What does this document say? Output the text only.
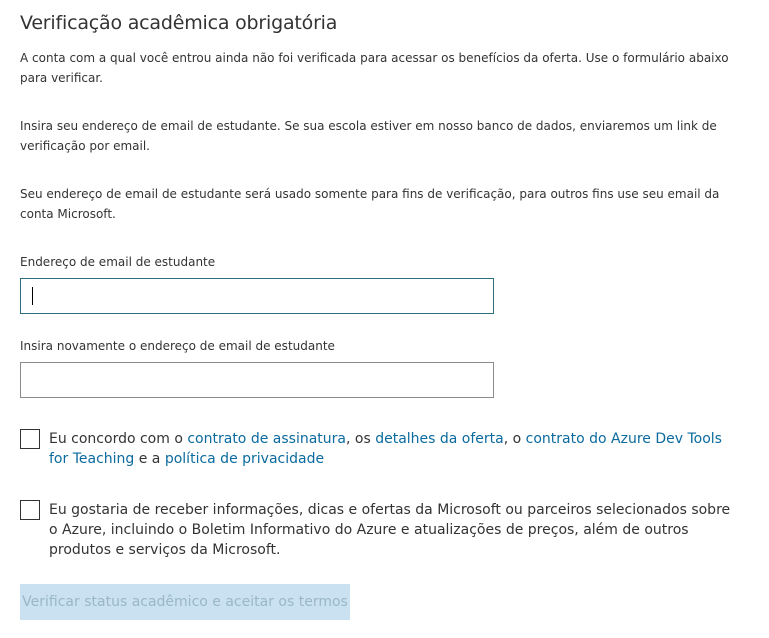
Verificação acadêmica obrigatória

A conta com a qual você entrou ainda não foi verificada para acessar os benefícios da oferta. Use o formulário abaixo para verificar.

Insira seu endereço de email de estudante. Se sua escola estiver em nosso banco de dados, enviaremos um link de verificação por email.

Seu endereço de email de estudante será usado somente para fins de verificação, para outros fins use seu email da conta Microsoft.

Endereço de email de estudante

Insira novamente o endereço de email de estudante

Eu concordo com o contrato de assinatura, os detalhes da oferta, o contrato do Azure Dev Tools for Teaching e a política de privacidade

Eu gostaria de receber informações, dicas e ofertas da Microsoft ou parceiros selecionados sobre o Azure, incluindo o Boletim Informativo do Azure e atualizações de preços, além de outros produtos e serviços da Microsoft.

Verificar status acadêmico e aceitar os termos
